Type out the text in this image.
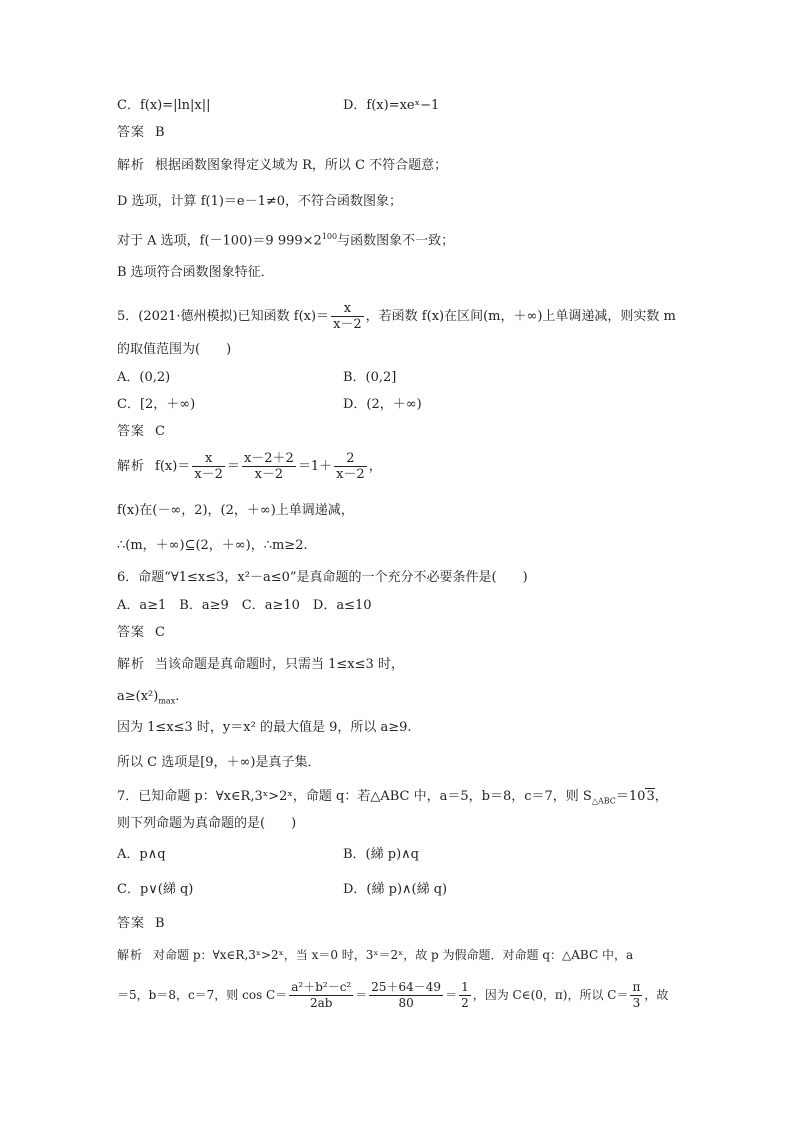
C．f(x)=|ln|x||	D．f(x)=xeˣ−1
答案 B
解析 根据函数图象得定义域为 R，所以 C 不符合题意；
D 选项，计算 f(1)＝e－1≠0，不符合函数图象；
对于 A 选项，f(－100)＝9 $999\times 2^{100}$与函数图象不一致；
B 选项符合函数图象特征．
5．(2021·德州模拟)已知函数 $f(x)= \frac{x}{x-2}$ ，若函数 f(x)在区间(m，＋∞)上单调递减，则实数 m
的取值范围为(　　)
A．(0,2)	B．(0,2]
C．[2，＋∞)	D．(2，＋∞)
答案 C
解析 $f(x)= \frac{x}{x-2} = \frac{x-2+2}{x-2} =1+ \frac{2}{x-2}$ ，
f(x)在(－∞，2)，(2，＋∞)上单调递减，
∴(m，＋∞)⊆(2，＋∞)，∴m≥2.
6．命题“∀1≤x≤3，x²－a≤0”是真命题的一个充分不必要条件是(　　)
A．a≥1　B．a≥9　C．a≥10　D．a≤10
答案 C
解析 当该命题是真命题时，只需当 1≤x≤3 时，
$a\ge(x^2)_{max}$.
因为 1≤x≤3 时，y＝x² 的最大值是 9，所以 a≥9.
所以 C 选项是[9，＋∞)是真子集．
7．已知命题 p：∀x∈R,3ˣ>2ˣ，命题 q：若△ABC 中，a＝5，b＝8，c＝7，则 $S_{\triangle ABC}=103$，
则下列命题为真命题的是(　　)
A．p∧q	B．(綈 p)∧q
C．p∨(綈 q)	D．(綈 p)∧(綈 q)
答案 B
解析 对命题 p：∀x∈R,3ˣ>2ˣ，当 x＝0 时，3ˣ＝2ˣ，故 p 为假命题．对命题 q：△ABC 中，a
＝5，b＝8，c＝7，则 $\cos C= \frac{\text{a²＋b²－c²}}{2ab} = \frac{25+64-49}{80} = \frac{1}{2}$ ，因为 C∈(0，π)，所以 $C= \frac{\pi}{3}$ ，故
